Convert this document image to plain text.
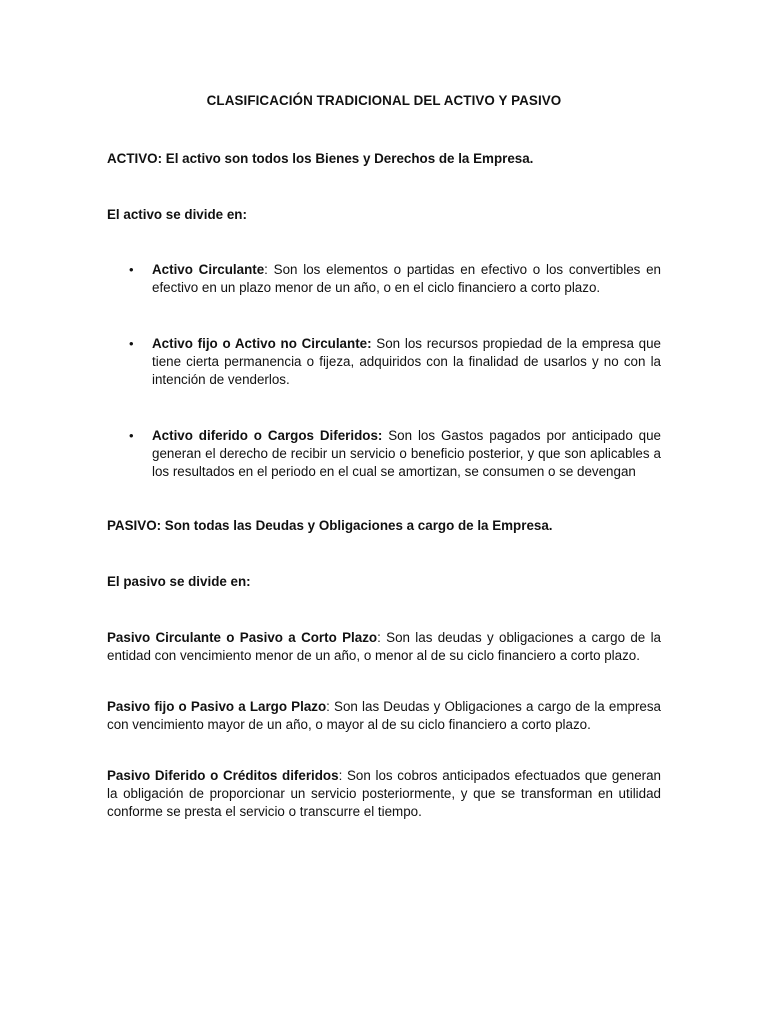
CLASIFICACIÓN TRADICIONAL DEL ACTIVO Y PASIVO

ACTIVO: El activo son todos los Bienes y Derechos de la Empresa.

El activo se divide en:

• Activo Circulante: Son los elementos o partidas en efectivo o los convertibles en efectivo en un plazo menor de un año, o en el ciclo financiero a corto plazo.
• Activo fijo o Activo no Circulante: Son los recursos propiedad de la empresa que tiene cierta permanencia o fijeza, adquiridos con la finalidad de usarlos y no con la intención de venderlos.
• Activo diferido o Cargos Diferidos: Son los Gastos pagados por anticipado que generan el derecho de recibir un servicio o beneficio posterior, y que son aplicables a los resultados en el periodo en el cual se amortizan, se consumen o se devengan

PASIVO: Son todas las Deudas y Obligaciones a cargo de la Empresa.

El pasivo se divide en:

Pasivo Circulante o Pasivo a Corto Plazo: Son las deudas y obligaciones a cargo de la entidad con vencimiento menor de un año, o menor al de su ciclo financiero a corto plazo.

Pasivo fijo o Pasivo a Largo Plazo: Son las Deudas y Obligaciones a cargo de la empresa con vencimiento mayor de un año, o mayor al de su ciclo financiero a corto plazo.

Pasivo Diferido o Créditos diferidos: Son los cobros anticipados efectuados que generan la obligación de proporcionar un servicio posteriormente, y que se transforman en utilidad conforme se presta el servicio o transcurre el tiempo.
